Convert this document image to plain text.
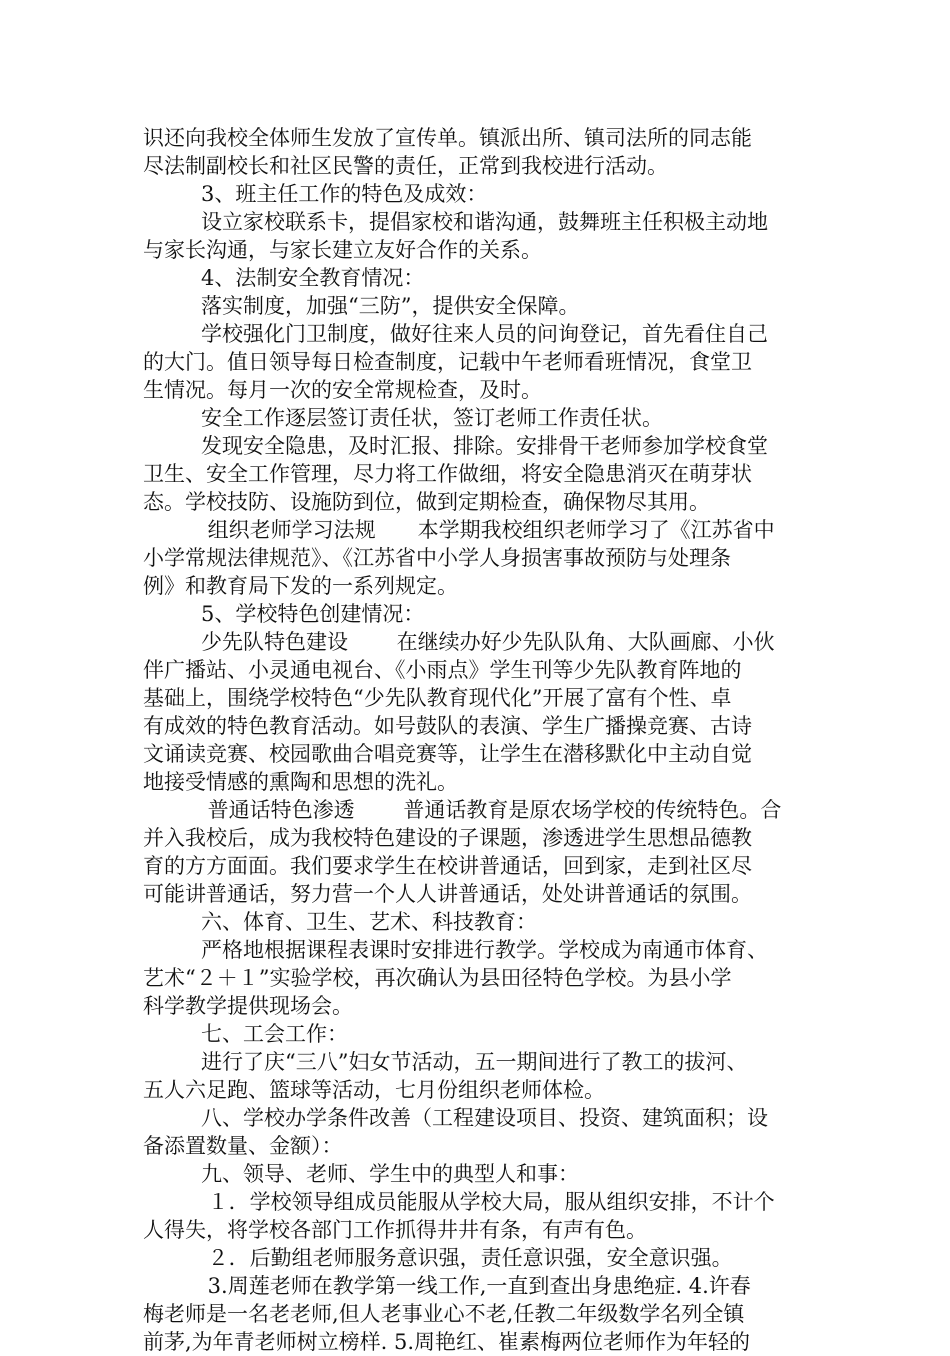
识还向我校全体师生发放了宣传单。镇派出所、镇司法所的同志能
尽法制副校长和社区民警的责任，正常到我校进行活动。
3、班主任工作的特色及成效：
设立家校联系卡，提倡家校和谐沟通，鼓舞班主任积极主动地
与家长沟通，与家长建立友好合作的关系。
4、法制安全教育情况：
落实制度，加强“三防”，提供安全保障。
学校强化门卫制度，做好往来人员的问询登记，首先看住自己
的大门。值日领导每日检查制度，记载中午老师看班情况，食堂卫
生情况。每月一次的安全常规检查，及时。
安全工作逐层签订责任状，签订老师工作责任状。
发现安全隐患，及时汇报、排除。安排骨干老师参加学校食堂
卫生、安全工作管理，尽力将工作做细，将安全隐患消灭在萌芽状
态。学校技防、设施防到位，做到定期检查，确保物尽其用。
组织老师学习法规　　本学期我校组织老师学习了《江苏省中
小学常规法律规范》、《江苏省中小学人身损害事故预防与处理条
例》和教育局下发的一系列规定。
5、学校特色创建情况：
少先队特色建设　　 在继续办好少先队队角、大队画廊、小伙
伴广播站、小灵通电视台、《小雨点》学生刊等少先队教育阵地的
基础上，围绕学校特色“少先队教育现代化”开展了富有个性、卓
有成效的特色教育活动。如号鼓队的表演、学生广播操竞赛、古诗
文诵读竞赛、校园歌曲合唱竞赛等，让学生在潜移默化中主动自觉
地接受情感的熏陶和思想的洗礼。
普通话特色渗透　　 普通话教育是原农场学校的传统特色。合
并入我校后，成为我校特色建设的子课题，渗透进学生思想品德教
育的方方面面。我们要求学生在校讲普通话，回到家，走到社区尽
可能讲普通话，努力营一个人人讲普通话，处处讲普通话的氛围。
六、体育、卫生、艺术、科技教育：
严格地根据课程表课时安排进行教学。学校成为南通市体育、
艺术“２＋１”实验学校，再次确认为县田径特色学校。为县小学
科学教学提供现场会。
七、工会工作：
进行了庆“三八”妇女节活动，五一期间进行了教工的拔河、
五人六足跑、篮球等活动，七月份组织老师体检。
八、学校办学条件改善（工程建设项目、投资、建筑面积；设
备添置数量、金额）：
九、领导、老师、学生中的典型人和事：
１．学校领导组成员能服从学校大局，服从组织安排，不计个
人得失，将学校各部门工作抓得井井有条，有声有色。
２．后勤组老师服务意识强，责任意识强，安全意识强。
3.周莲老师在教学第一线工作,一直到查出身患绝症. 4.许春
梅老师是一名老老师,但人老事业心不老,任教二年级数学名列全镇
前茅,为年青老师树立榜样. 5.周艳红、崔素梅两位老师作为年轻的
